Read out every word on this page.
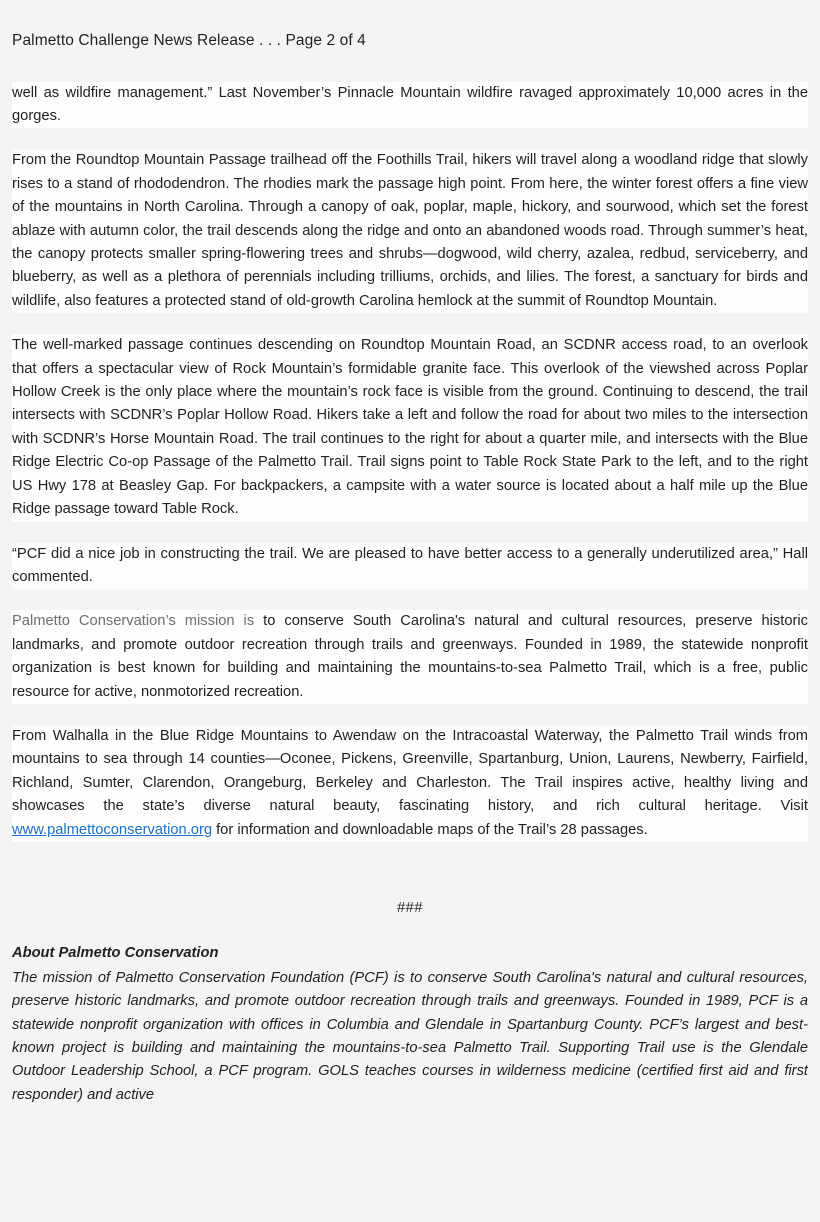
Palmetto Challenge News Release . . . Page 2 of 4

well as wildfire management.” Last November’s Pinnacle Mountain wildfire ravaged approximately 10,000 acres in the gorges.

From the Roundtop Mountain Passage trailhead off the Foothills Trail, hikers will travel along a woodland ridge that slowly rises to a stand of rhododendron. The rhodies mark the passage high point. From here, the winter forest offers a fine view of the mountains in North Carolina. Through a canopy of oak, poplar, maple, hickory, and sourwood, which set the forest ablaze with autumn color, the trail descends along the ridge and onto an abandoned woods road. Through summer’s heat, the canopy protects smaller spring-flowering trees and shrubs—dogwood, wild cherry, azalea, redbud, serviceberry, and blueberry, as well as a plethora of perennials including trilliums, orchids, and lilies. The forest, a sanctuary for birds and wildlife, also features a protected stand of old-growth Carolina hemlock at the summit of Roundtop Mountain.

The well-marked passage continues descending on Roundtop Mountain Road, an SCDNR access road, to an overlook that offers a spectacular view of Rock Mountain’s formidable granite face. This overlook of the viewshed across Poplar Hollow Creek is the only place where the mountain’s rock face is visible from the ground. Continuing to descend, the trail intersects with SCDNR’s Poplar Hollow Road. Hikers take a left and follow the road for about two miles to the intersection with SCDNR’s Horse Mountain Road. The trail continues to the right for about a quarter mile, and intersects with the Blue Ridge Electric Co-op Passage of the Palmetto Trail. Trail signs point to Table Rock State Park to the left, and to the right US Hwy 178 at Beasley Gap. For backpackers, a campsite with a water source is located about a half mile up the Blue Ridge passage toward Table Rock.

“PCF did a nice job in constructing the trail. We are pleased to have better access to a generally underutilized area,” Hall commented.

Palmetto Conservation’s mission is to conserve South Carolina's natural and cultural resources, preserve historic landmarks, and promote outdoor recreation through trails and greenways. Founded in 1989, the statewide nonprofit organization is best known for building and maintaining the mountains-to-sea Palmetto Trail, which is a free, public resource for active, nonmotorized recreation.

From Walhalla in the Blue Ridge Mountains to Awendaw on the Intracoastal Waterway, the Palmetto Trail winds from mountains to sea through 14 counties—Oconee, Pickens, Greenville, Spartanburg, Union, Laurens, Newberry, Fairfield, Richland, Sumter, Clarendon, Orangeburg, Berkeley and Charleston. The Trail inspires active, healthy living and showcases the state’s diverse natural beauty, fascinating history, and rich cultural heritage. Visit www.palmettoconservation.org for information and downloadable maps of the Trail’s 28 passages.

###
About Palmetto Conservation

The mission of Palmetto Conservation Foundation (PCF) is to conserve South Carolina's natural and cultural resources, preserve historic landmarks, and promote outdoor recreation through trails and greenways. Founded in 1989, PCF is a statewide nonprofit organization with offices in Columbia and Glendale in Spartanburg County. PCF’s largest and best-known project is building and maintaining the mountains-to-sea Palmetto Trail. Supporting Trail use is the Glendale Outdoor Leadership School, a PCF program. GOLS teaches courses in wilderness medicine (certified first aid and first responder) and active
